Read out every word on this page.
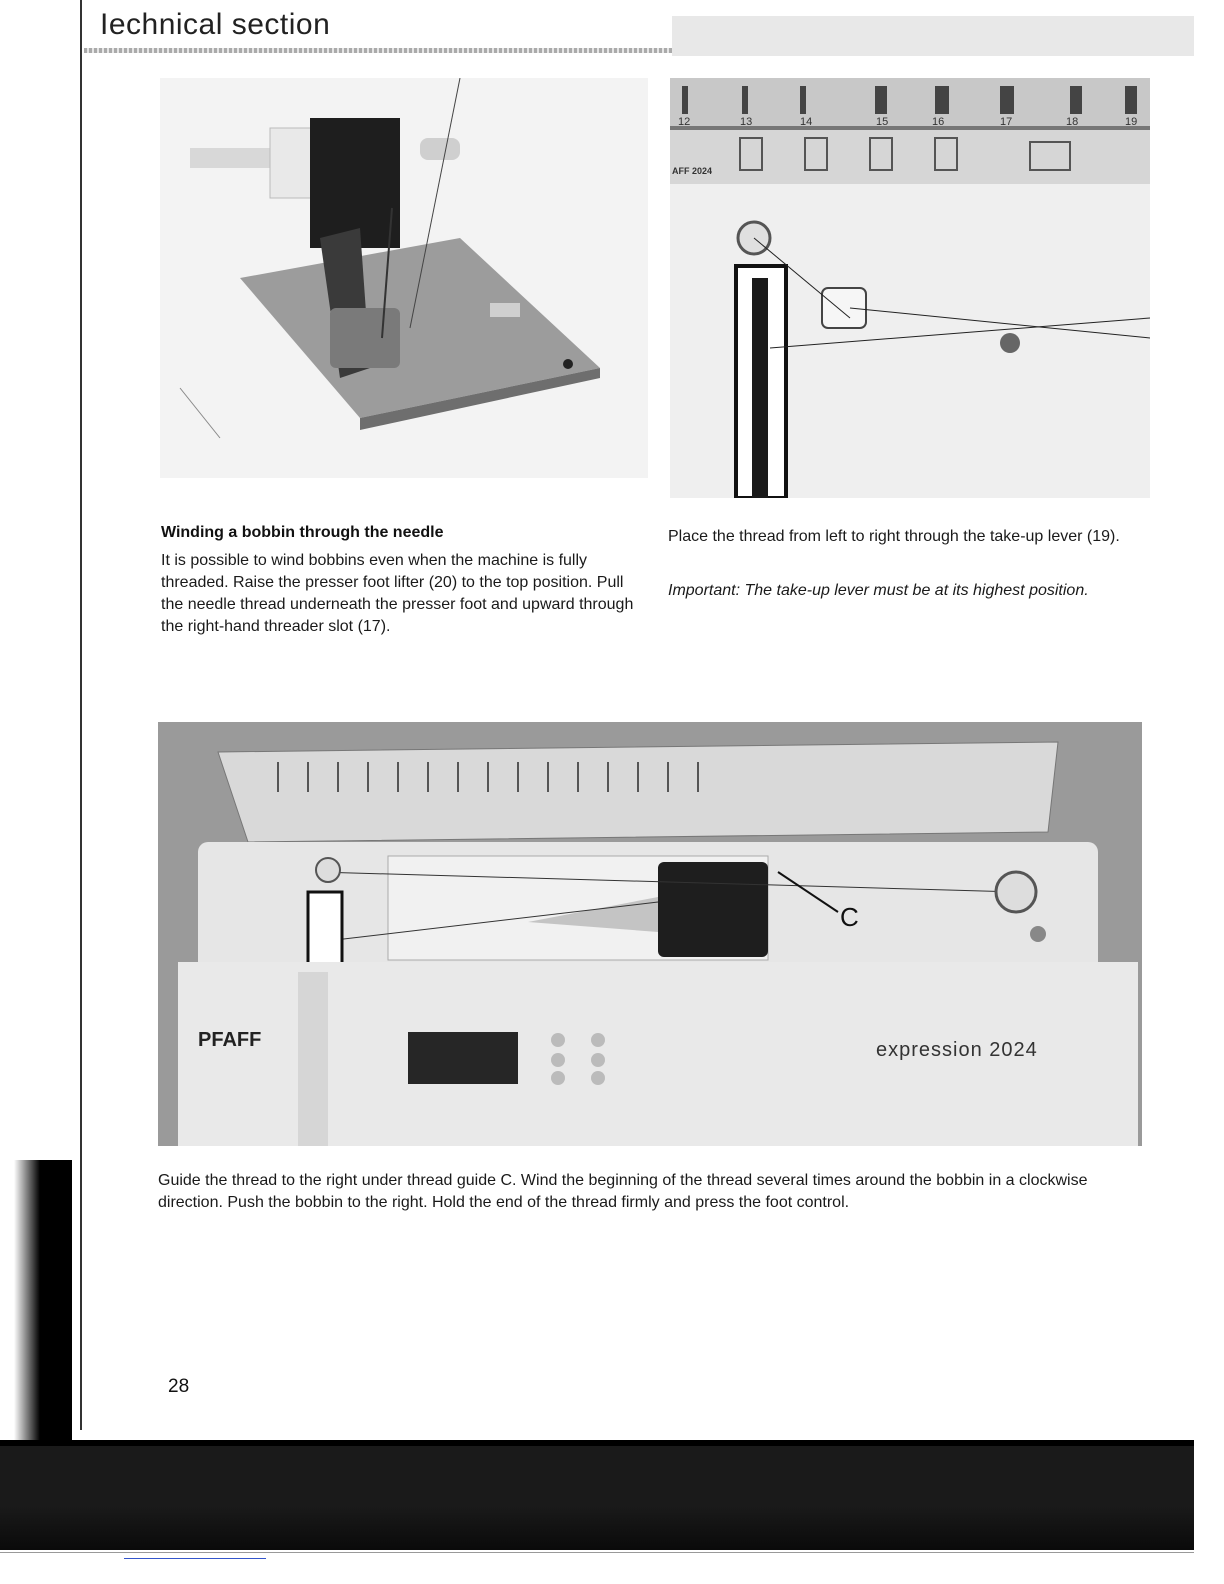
Iechnical section
12	13	14	15	16	17	18	19
AFF 2024
Winding a bobbin through the needle
It is possible to wind bobbins even when the machine is fully threaded. Raise the presser foot lifter (20) to the top position. Pull the needle thread underneath the presser foot and upward through the right-hand threader slot (17).
Place the thread from left to right through the take-up lever (19).
Important: The take-up lever must be at its highest position.
C
PFAFF	expression 2024
Guide the thread to the right under thread guide C. Wind the beginning of the thread several times around the bobbin in a clockwise direction. Push the bobbin to the right. Hold the end of the thread firmly and press the foot control.
28
